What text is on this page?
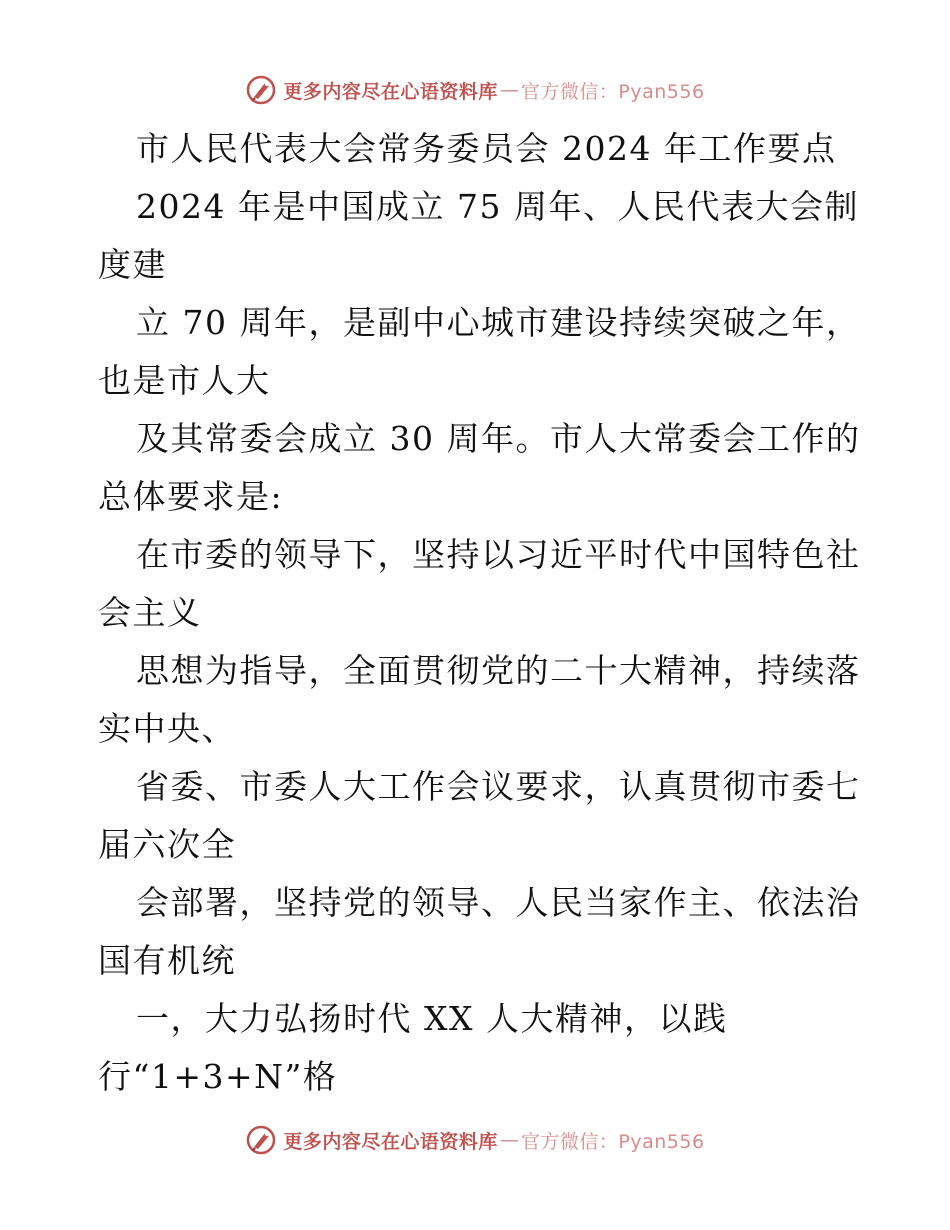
更多内容尽在心语资料库 — 官方微信：Pyan556
市人民代表大会常务委员会 2024 年工作要点
2024 年是中国成立 75 周年、人民代表大会制
度建
立 70 周年，是副中心城市建设持续突破之年，
也是市人大
及其常委会成立 30 周年。市人大常委会工作的
总体要求是:
在市委的领导下，坚持以习近平时代中国特色社
会主义
思想为指导，全面贯彻党的二十大精神，持续落
实中央、
省委、市委人大工作会议要求，认真贯彻市委七
届六次全
会部署，坚持党的领导、人民当家作主、依法治
国有机统
一，大力弘扬时代 XX 人大精神，以践
行“1+3+N”格
更多内容尽在心语资料库 — 官方微信：Pyan556
